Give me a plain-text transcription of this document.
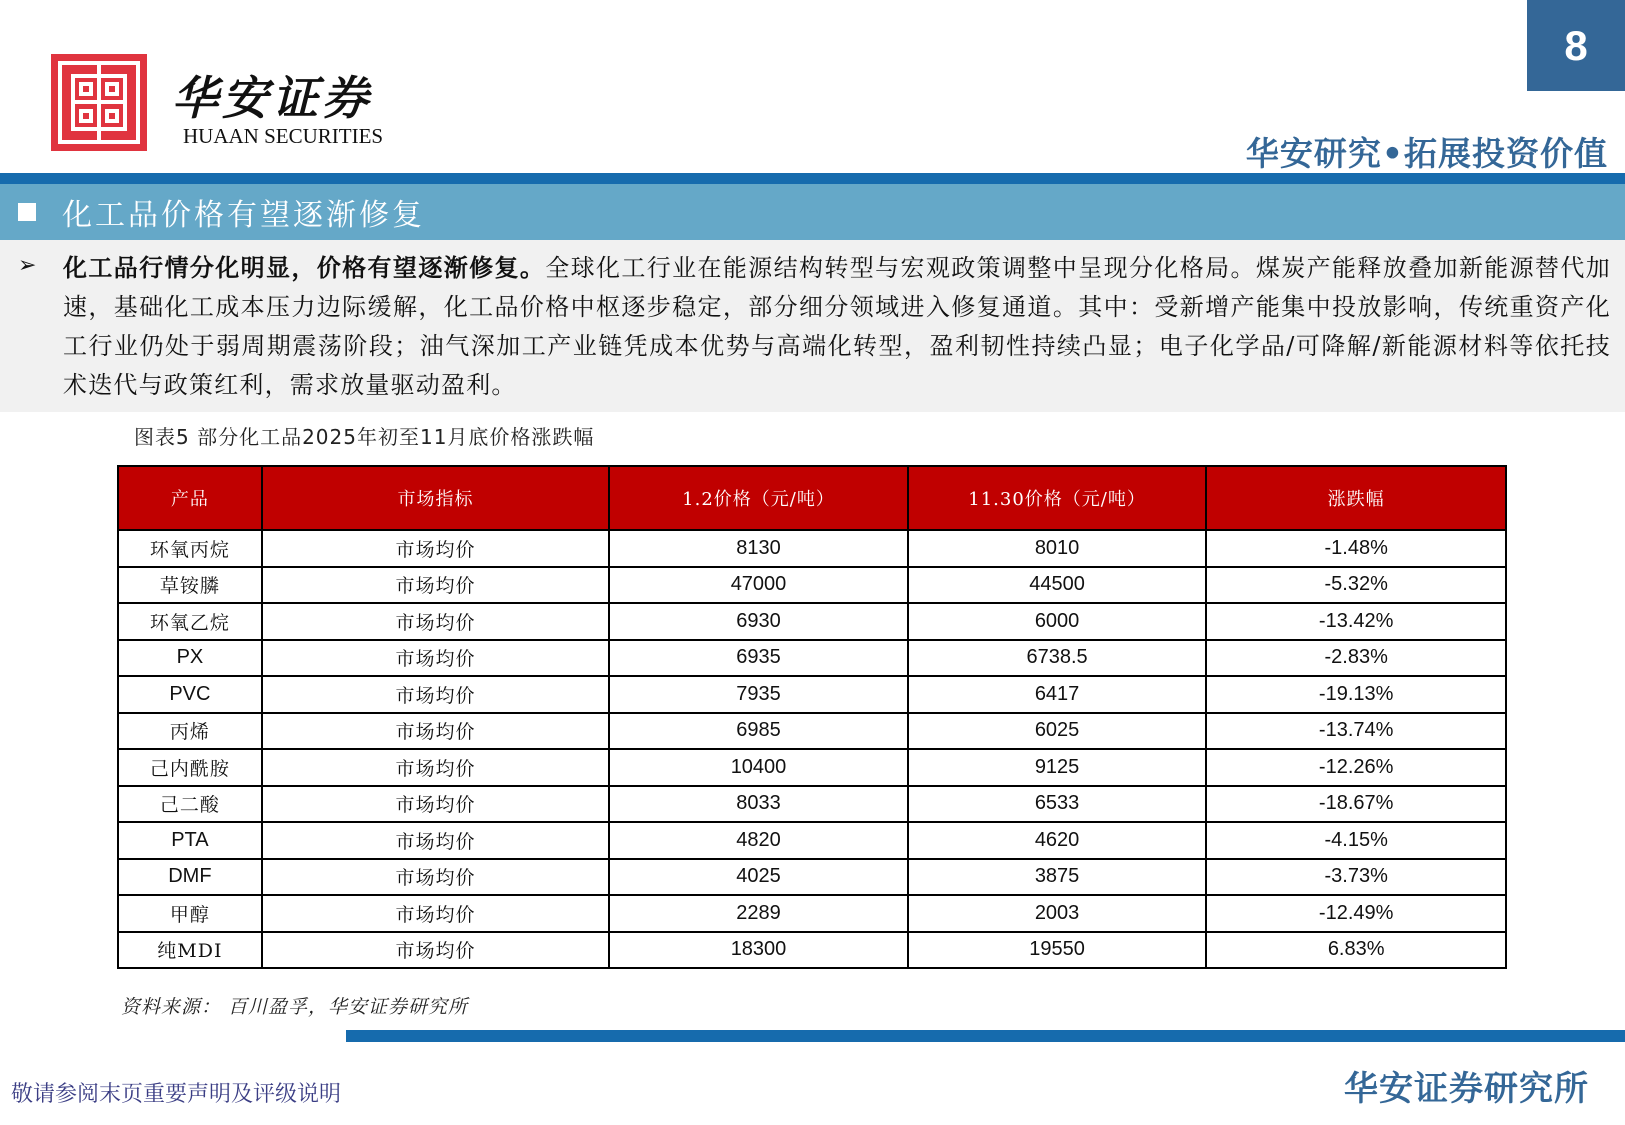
华安证券
HUAAN SECURITIES
8
华安研究•拓展投资价值
化工品价格有望逐渐修复
➢ 化工品行情分化明显，价格有望逐渐修复。全球化工行业在能源结构转型与宏观政策调整中呈现分化格局。煤炭产能释放叠加新能源替代加速，基础化工成本压力边际缓解，化工品价格中枢逐步稳定，部分细分领域进入修复通道。其中：受新增产能集中投放影响，传统重资产化工行业仍处于弱周期震荡阶段；油气深加工产业链凭成本优势与高端化转型，盈利韧性持续凸显；电子化学品/可降解/新能源材料等依托技术迭代与政策红利，需求放量驱动盈利。
图表5 部分化工品2025年初至11月底价格涨跌幅
产品	市场指标	1.2价格（元/吨）	11.30价格（元/吨）	涨跌幅
环氧丙烷	市场均价	8130	8010	-1.48%
草铵膦	市场均价	47000	44500	-5.32%
环氧乙烷	市场均价	6930	6000	-13.42%
PX	市场均价	6935	6738.5	-2.83%
PVC	市场均价	7935	6417	-19.13%
丙烯	市场均价	6985	6025	-13.74%
己内酰胺	市场均价	10400	9125	-12.26%
己二酸	市场均价	8033	6533	-18.67%
PTA	市场均价	4820	4620	-4.15%
DMF	市场均价	4025	3875	-3.73%
甲醇	市场均价	2289	2003	-12.49%
纯MDI	市场均价	18300	19550	6.83%
资料来源： 百川盈孚，华安证券研究所
敬请参阅末页重要声明及评级说明	华安证券研究所
